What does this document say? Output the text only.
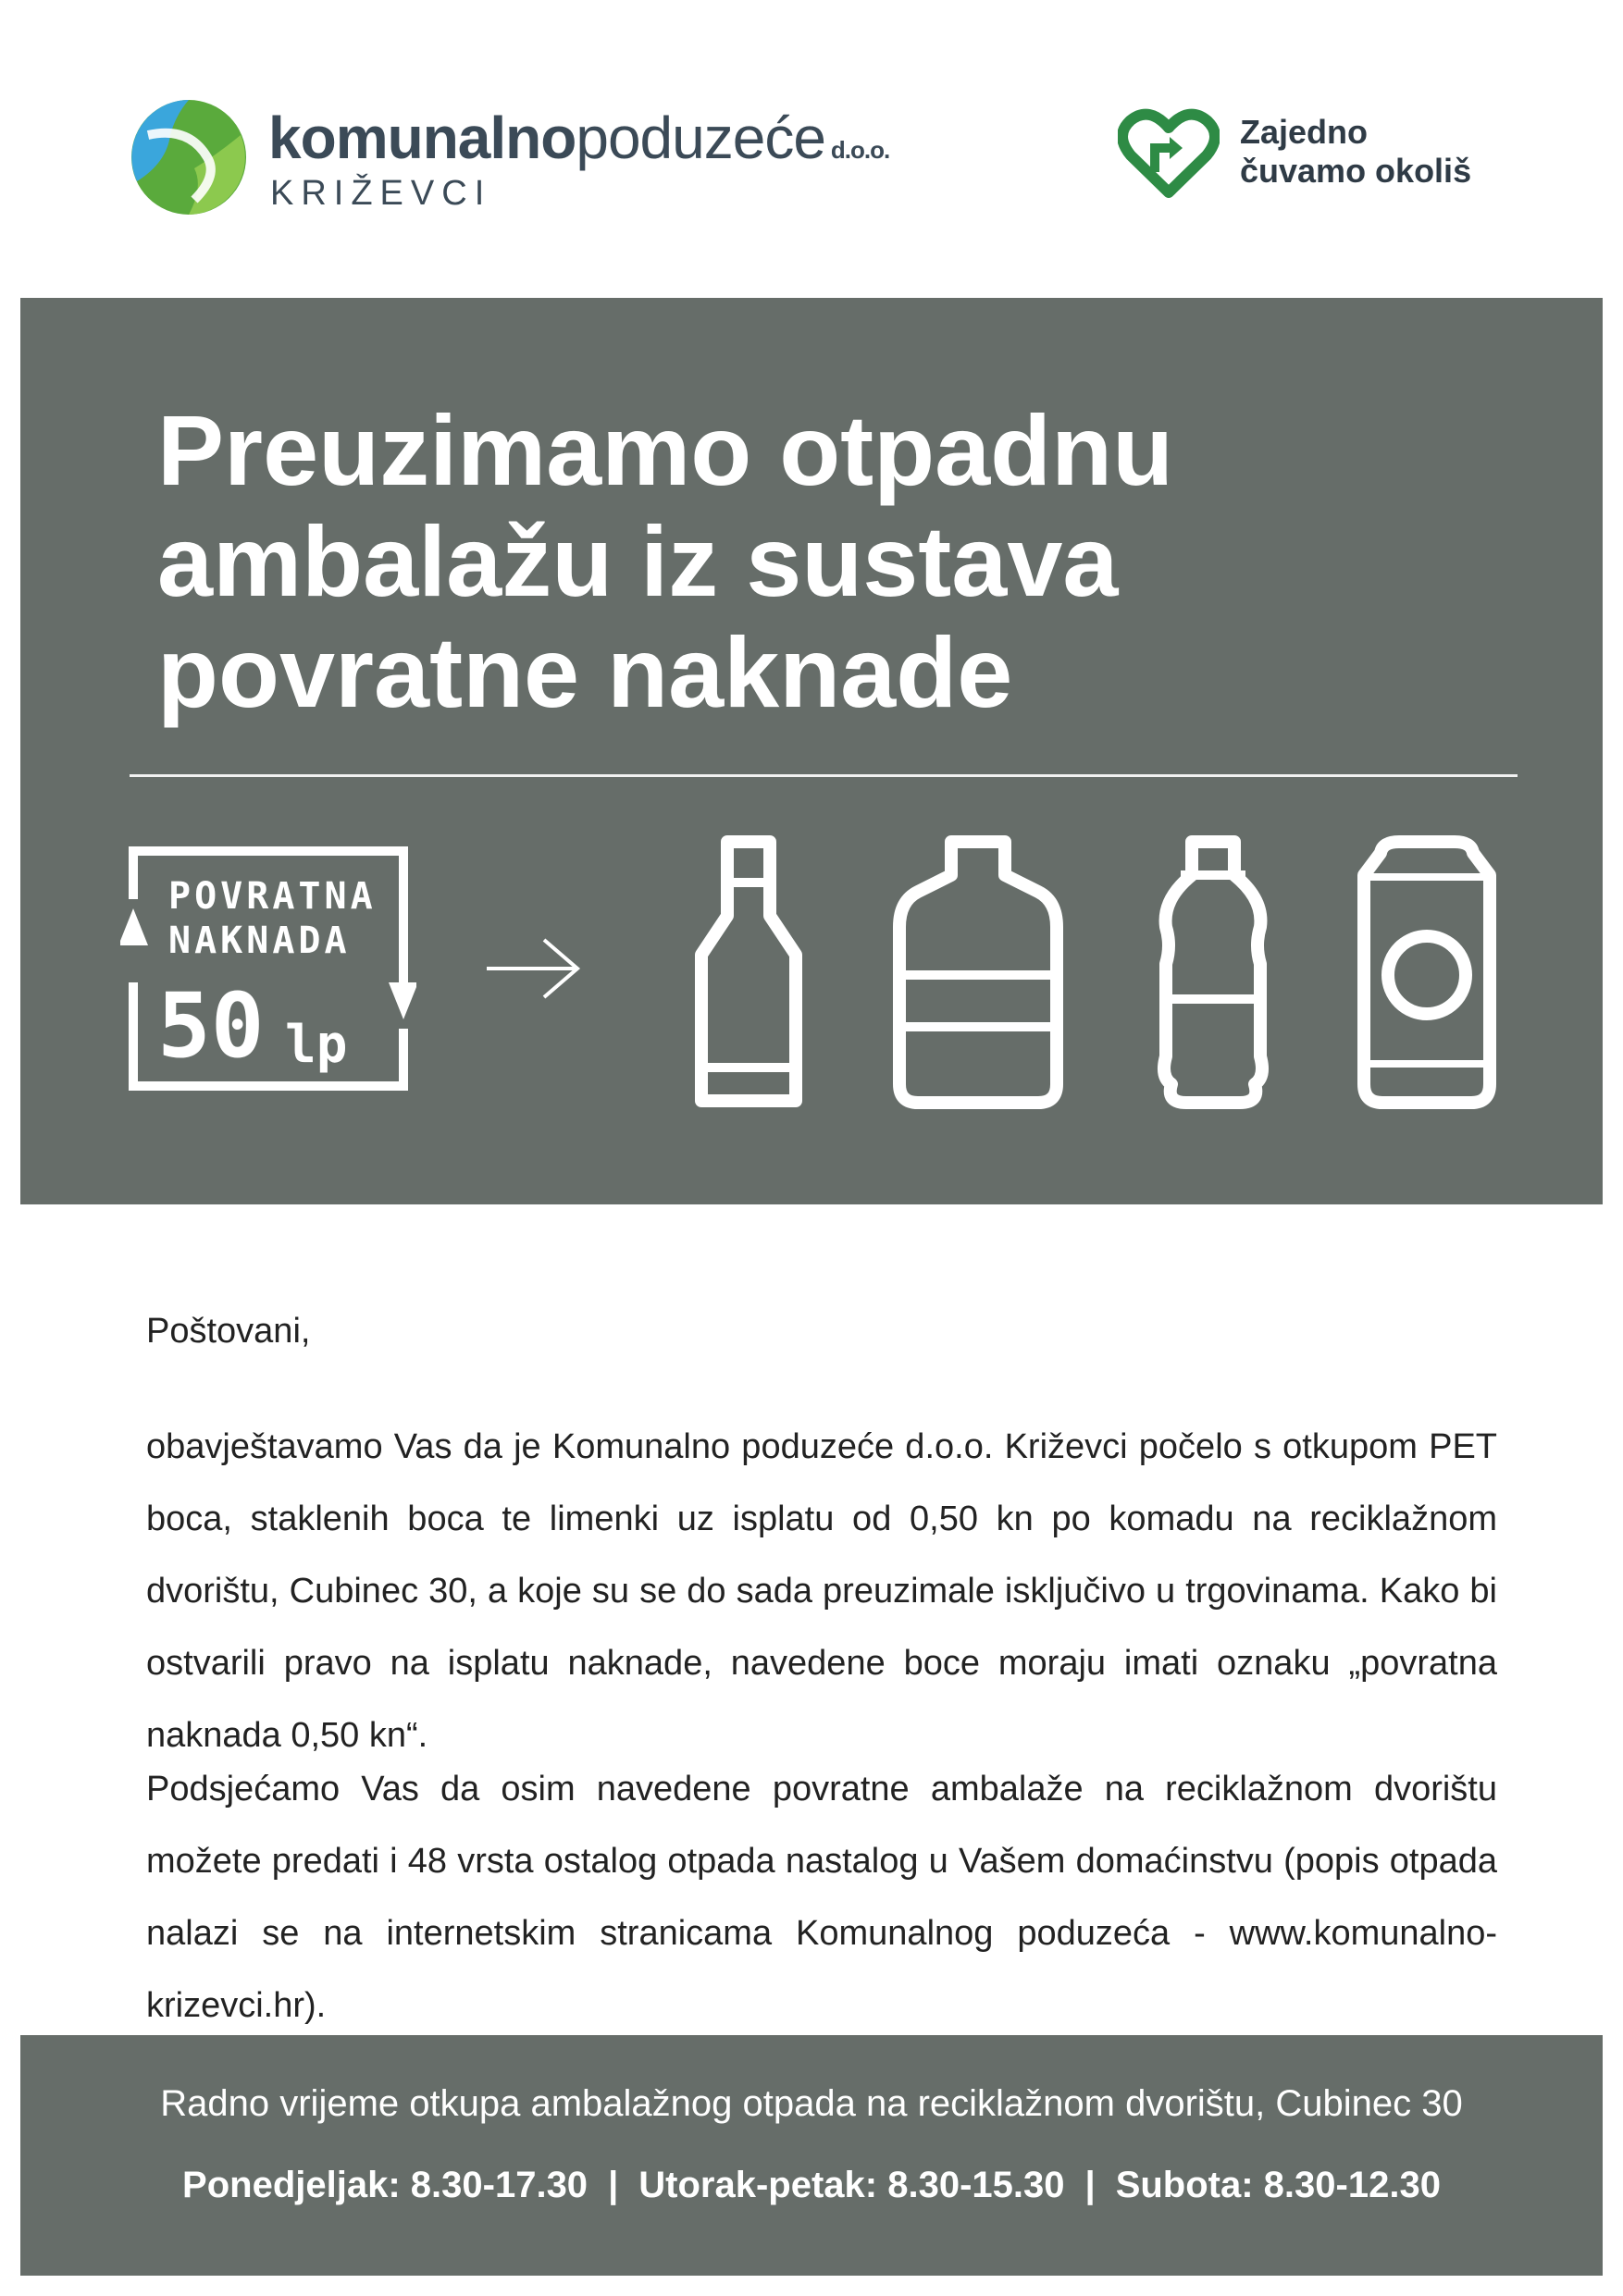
komunalnopoduzeće d.o.o.
KRIŽEVCI
Zajedno
čuvamo okoliš
Preuzimamo otpadnu
ambalažu iz sustava
povratne naknade
POVRATNA
NAKNADA
50 lp
Poštovani,
obavještavamo Vas da je Komunalno poduzeće d.o.o. Križevci počelo s otkupom PET boca, staklenih boca te limenki uz isplatu od 0,50 kn po komadu na reciklažnom dvorištu, Cubinec 30, a koje su se do sada preuzimale isključivo u trgovinama. Kako bi ostvarili pravo na isplatu naknade, navedene boce moraju imati oznaku „povratna naknada 0,50 kn“.
Podsjećamo Vas da osim navedene povratne ambalaže na reciklažnom dvorištu možete predati i 48 vrsta ostalog otpada nastalog u Vašem domaćinstvu (popis otpada nalazi se na internetskim stranicama Komunalnog poduzeća - www.komunalno-krizevci.hr).
Radno vrijeme otkupa ambalažnog otpada na reciklažnom dvorištu, Cubinec 30
Ponedjeljak: 8.30-17.30 | Utorak-petak: 8.30-15.30 | Subota: 8.30-12.30
